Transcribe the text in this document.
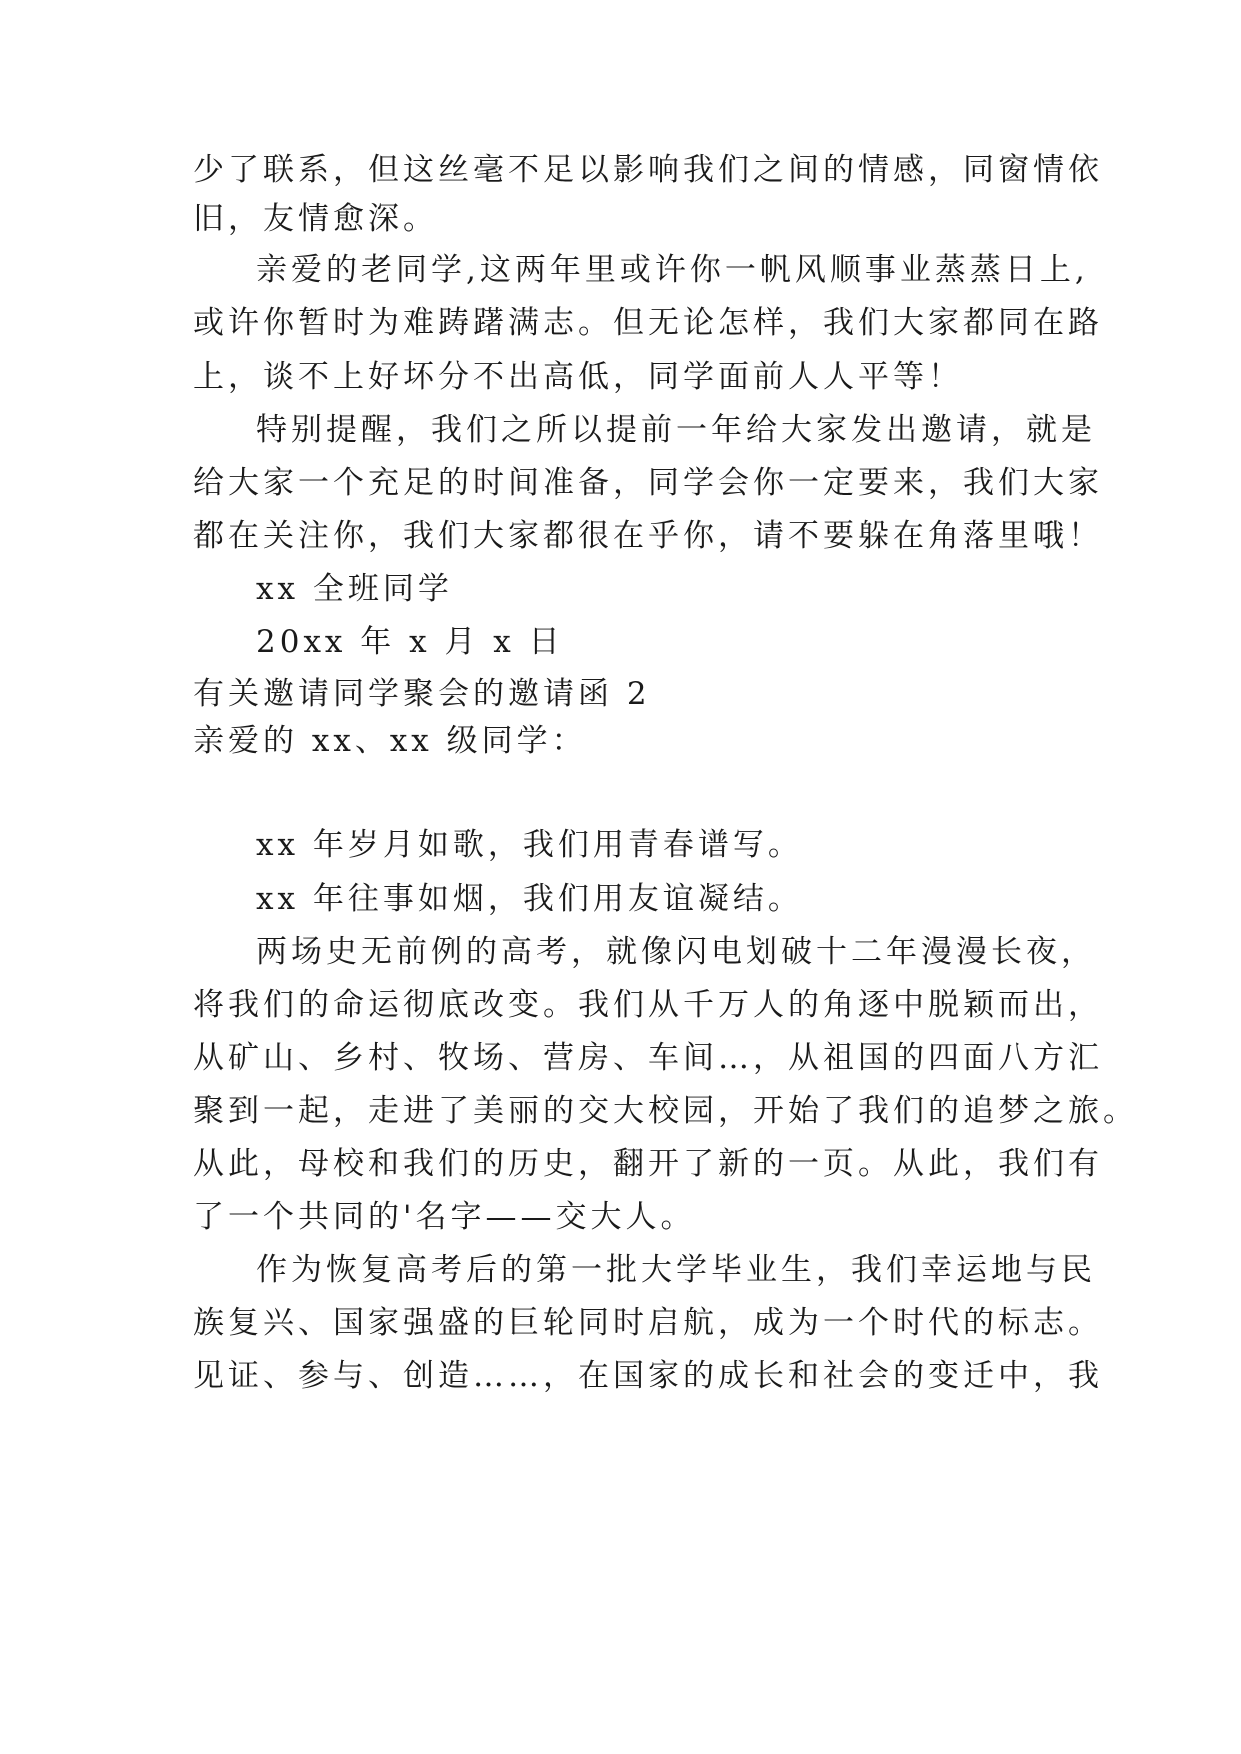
少了联系，但这丝毫不足以影响我们之间的情感，同窗情依
旧，友情愈深。
亲爱的老同学,这两年里或许你一帆风顺事业蒸蒸日上,
或许你暂时为难踌躇满志。但无论怎样，我们大家都同在路
上，谈不上好坏分不出高低，同学面前人人平等！
特别提醒，我们之所以提前一年给大家发出邀请，就是
给大家一个充足的时间准备，同学会你一定要来，我们大家
都在关注你，我们大家都很在乎你，请不要躲在角落里哦！
xx 全班同学
20xx 年 x 月 x 日
有关邀请同学聚会的邀请函 2
亲爱的 xx、xx 级同学：
xx 年岁月如歌，我们用青春谱写。
xx 年往事如烟，我们用友谊凝结。
两场史无前例的高考，就像闪电划破十二年漫漫长夜，
将我们的命运彻底改变。我们从千万人的角逐中脱颖而出，
从矿山、乡村、牧场、营房、车间…，从祖国的四面八方汇
聚到一起，走进了美丽的交大校园，开始了我们的追梦之旅。
从此，母校和我们的历史，翻开了新的一页。从此，我们有
了一个共同的'名字——交大人。
作为恢复高考后的第一批大学毕业生，我们幸运地与民
族复兴、国家强盛的巨轮同时启航，成为一个时代的标志。
见证、参与、创造……，在国家的成长和社会的变迁中，我
